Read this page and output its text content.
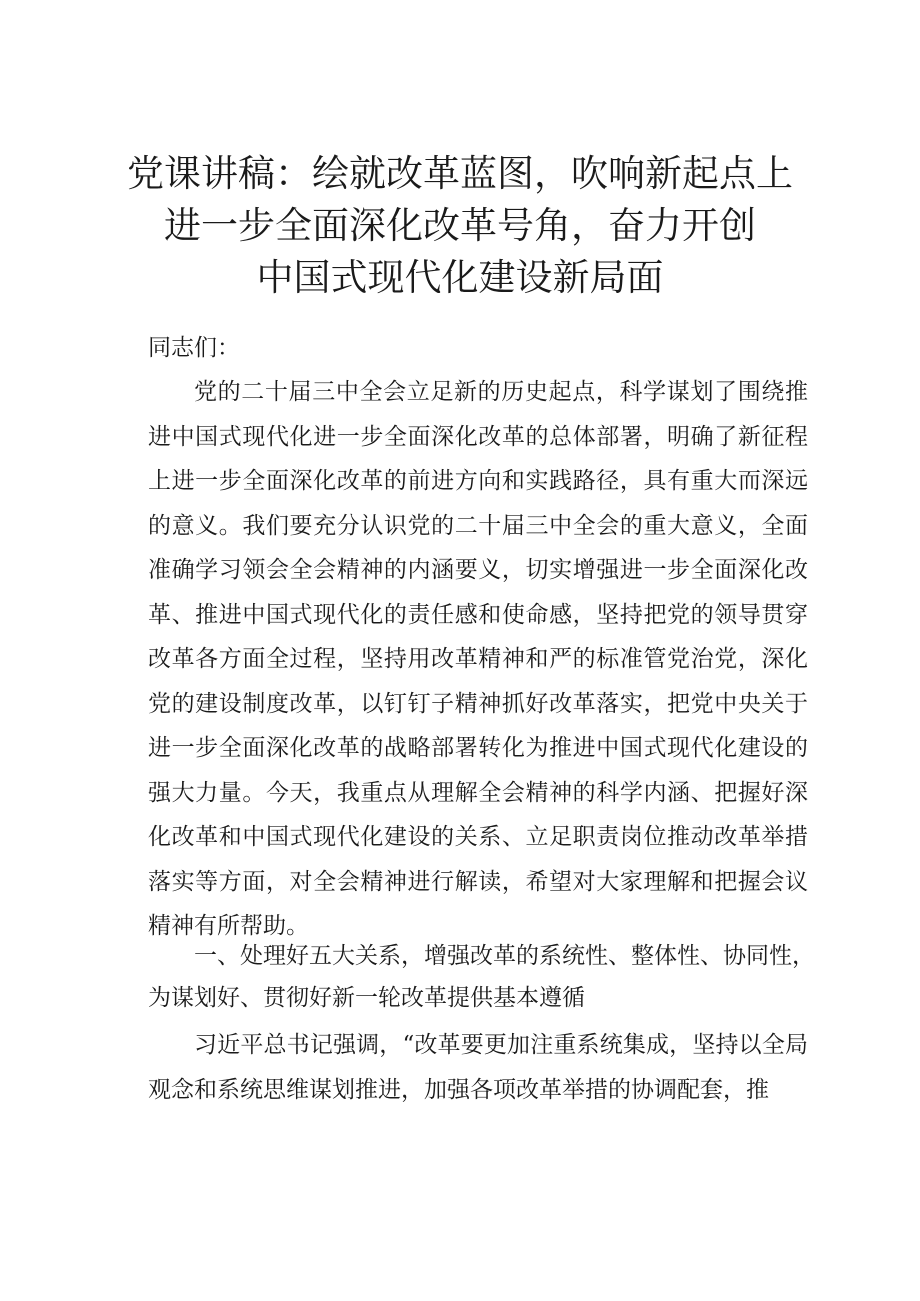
党课讲稿：绘就改革蓝图，吹响新起点上
进一步全面深化改革号角，奋力开创
中国式现代化建设新局面

同志们：

党的二十届三中全会立足新的历史起点，科学谋划了围绕推进中国式现代化进一步全面深化改革的总体部署，明确了新征程上进一步全面深化改革的前进方向和实践路径，具有重大而深远的意义。我们要充分认识党的二十届三中全会的重大意义，全面准确学习领会全会精神的内涵要义，切实增强进一步全面深化改革、推进中国式现代化的责任感和使命感，坚持把党的领导贯穿改革各方面全过程，坚持用改革精神和严的标准管党治党，深化党的建设制度改革，以钉钉子精神抓好改革落实，把党中央关于进一步全面深化改革的战略部署转化为推进中国式现代化建设的强大力量。今天，我重点从理解全会精神的科学内涵、把握好深化改革和中国式现代化建设的关系、立足职责岗位推动改革举措落实等方面，对全会精神进行解读，希望对大家理解和把握会议精神有所帮助。

一、处理好五大关系，增强改革的系统性、整体性、协同性，为谋划好、贯彻好新一轮改革提供基本遵循

习近平总书记强调，“改革要更加注重系统集成，坚持以全局观念和系统思维谋划推进，加强各项改革举措的协调配套，推
